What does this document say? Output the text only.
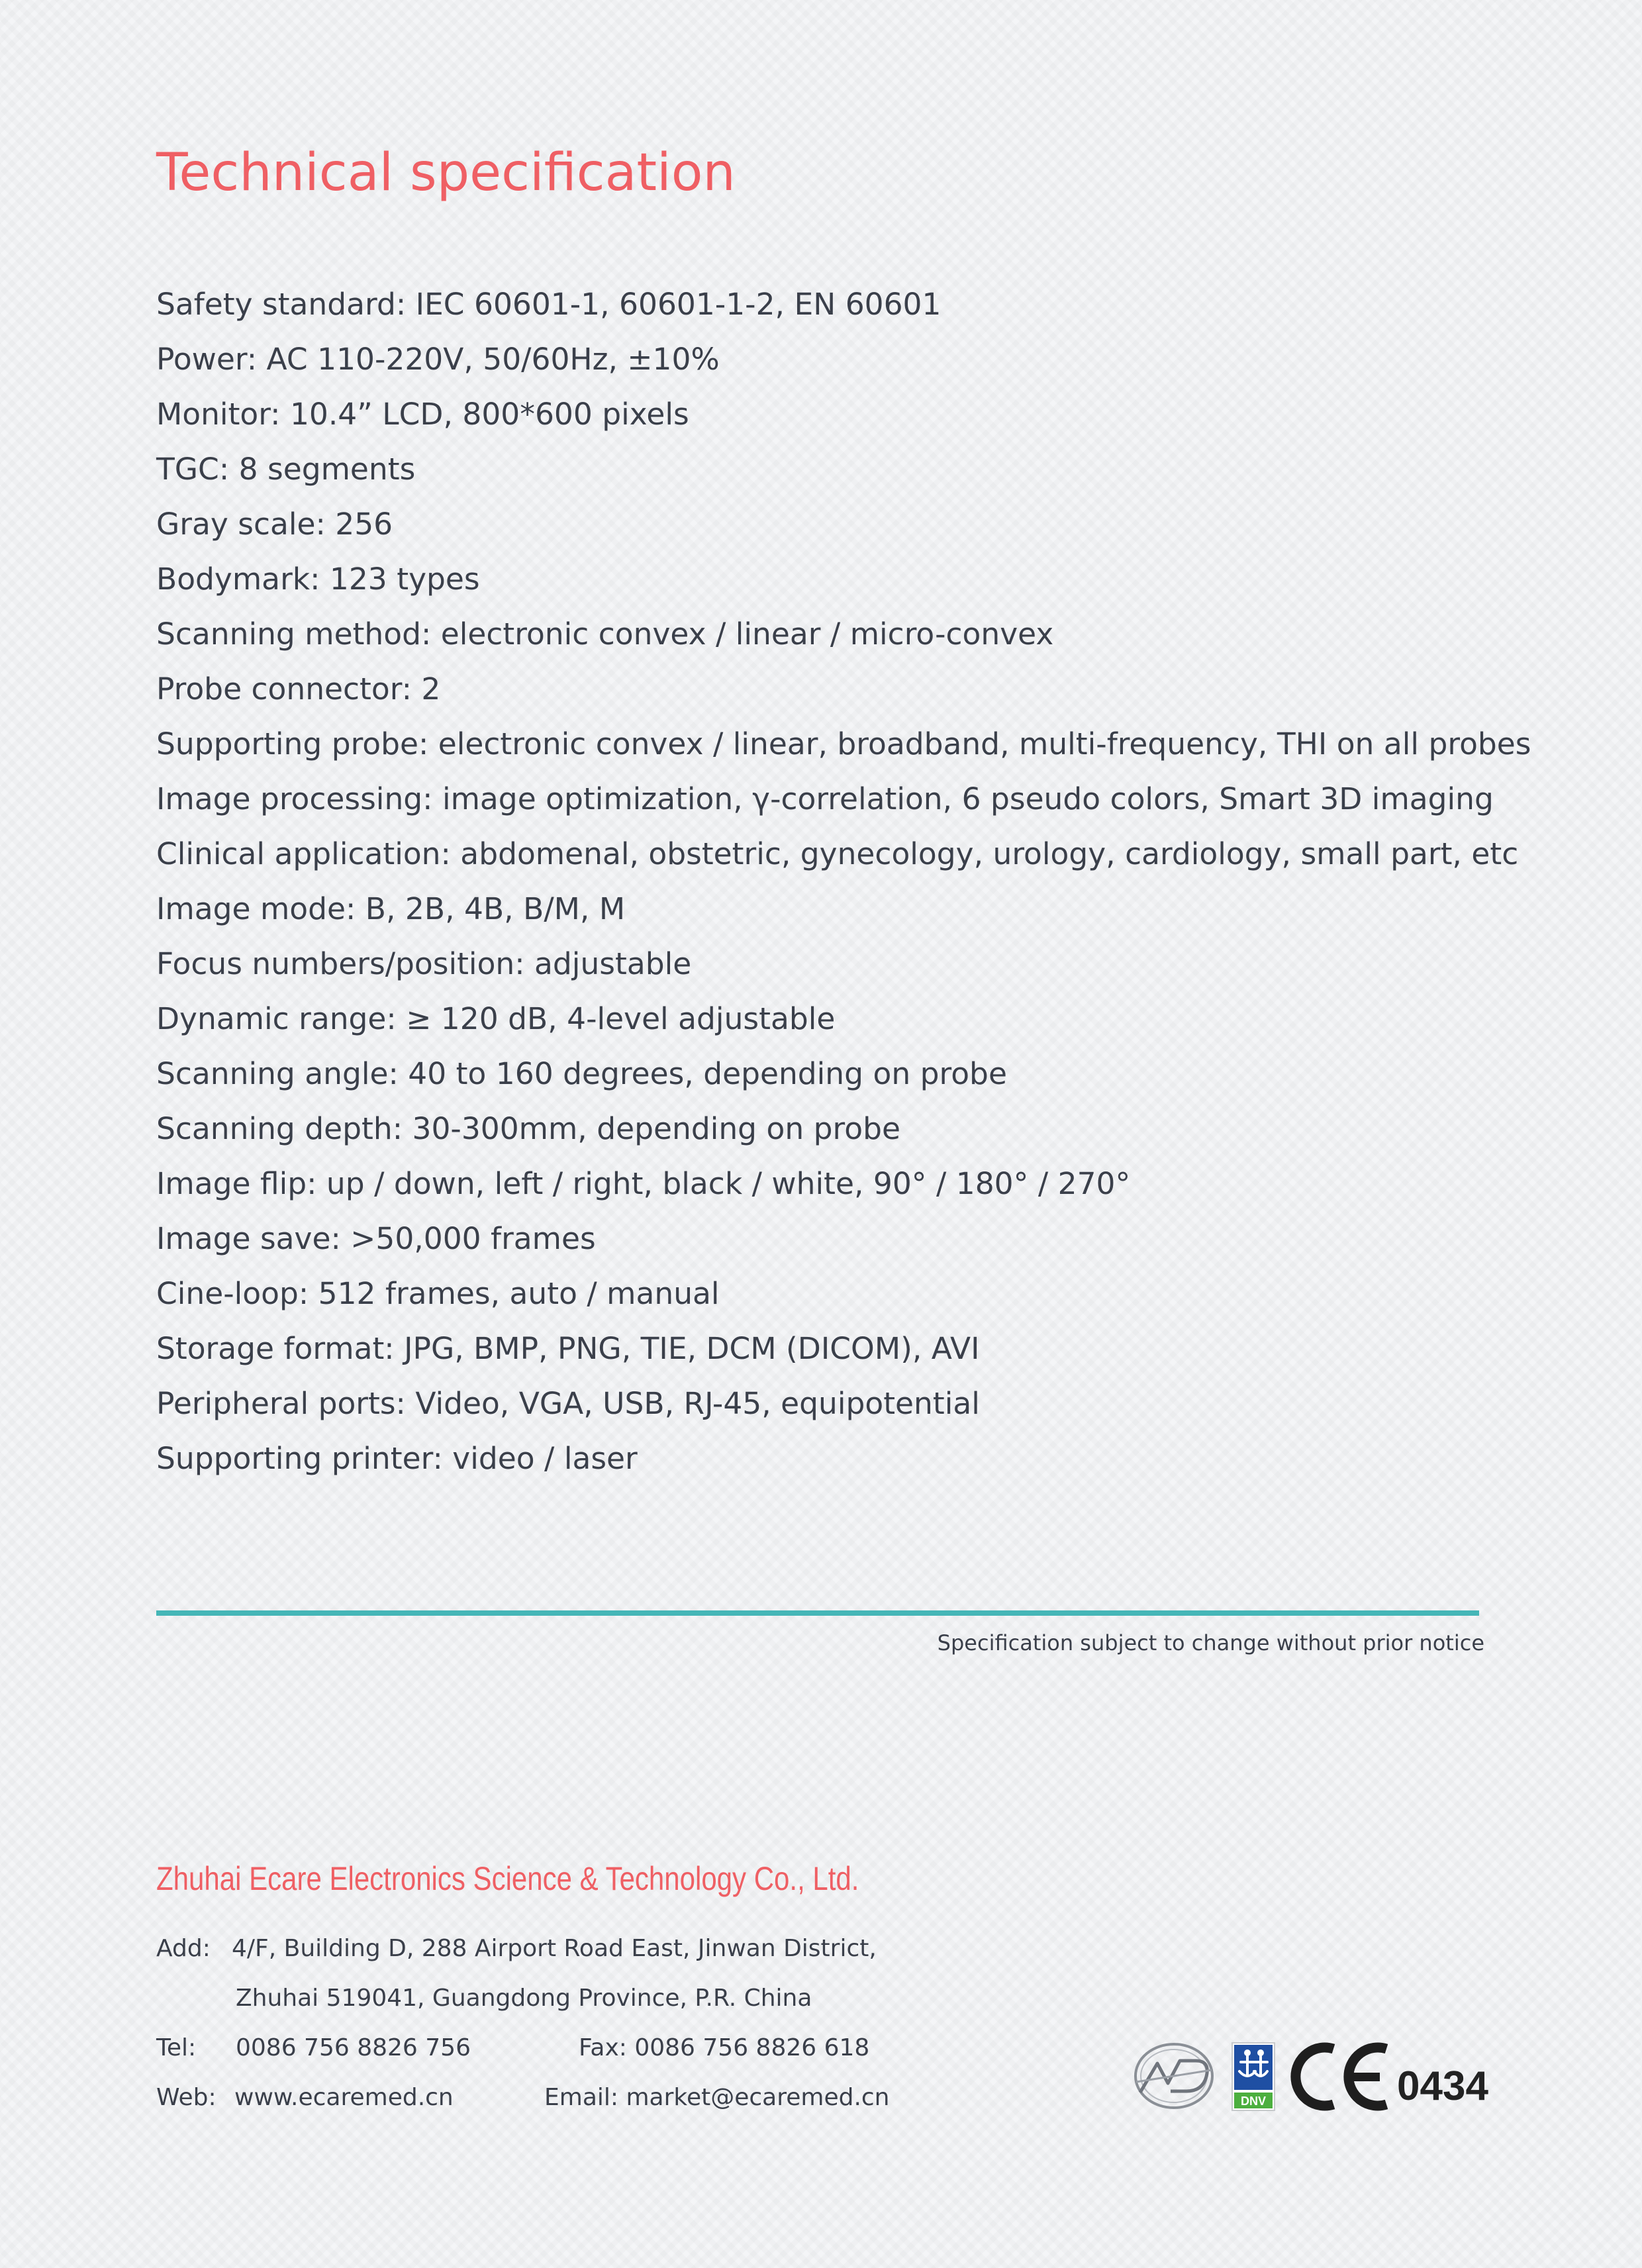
Technical specification
Safety standard: IEC 60601-1, 60601-1-2, EN 60601
Power: AC 110-220V, 50/60Hz, ±10%
Monitor: 10.4” LCD, 800*600 pixels
TGC: 8 segments
Gray scale: 256
Bodymark: 123 types
Scanning method: electronic convex / linear / micro-convex
Probe connector: 2
Supporting probe: electronic convex / linear, broadband, multi-frequency, THI on all probes
Image processing: image optimization, γ-correlation, 6 pseudo colors, Smart 3D imaging
Clinical application: abdomenal, obstetric, gynecology, urology, cardiology, small part, etc
Image mode: B, 2B, 4B, B/M, M
Focus numbers/position: adjustable
Dynamic range: ≥ 120 dB, 4-level adjustable
Scanning angle: 40 to 160 degrees, depending on probe
Scanning depth: 30-300mm, depending on probe
Image flip: up / down, left / right, black / white, 90° / 180° / 270°
Image save: >50,000 frames
Cine-loop: 512 frames, auto / manual
Storage format: JPG, BMP, PNG, TIE, DCM (DICOM), AVI
Peripheral ports: Video, VGA, USB, RJ-45, equipotential
Supporting printer: video / laser
Specification subject to change without prior notice
Zhuhai Ecare Electronics Science & Technology Co., Ltd.
Add: 4/F, Building D, 288 Airport Road East, Jinwan District,
Zhuhai 519041, Guangdong Province, P.R. China
Tel: 0086 756 8826 756	Fax: 0086 756 8826 618
Web: www.ecaremed.cn	Email: market@ecaremed.cn	DNV	0434
